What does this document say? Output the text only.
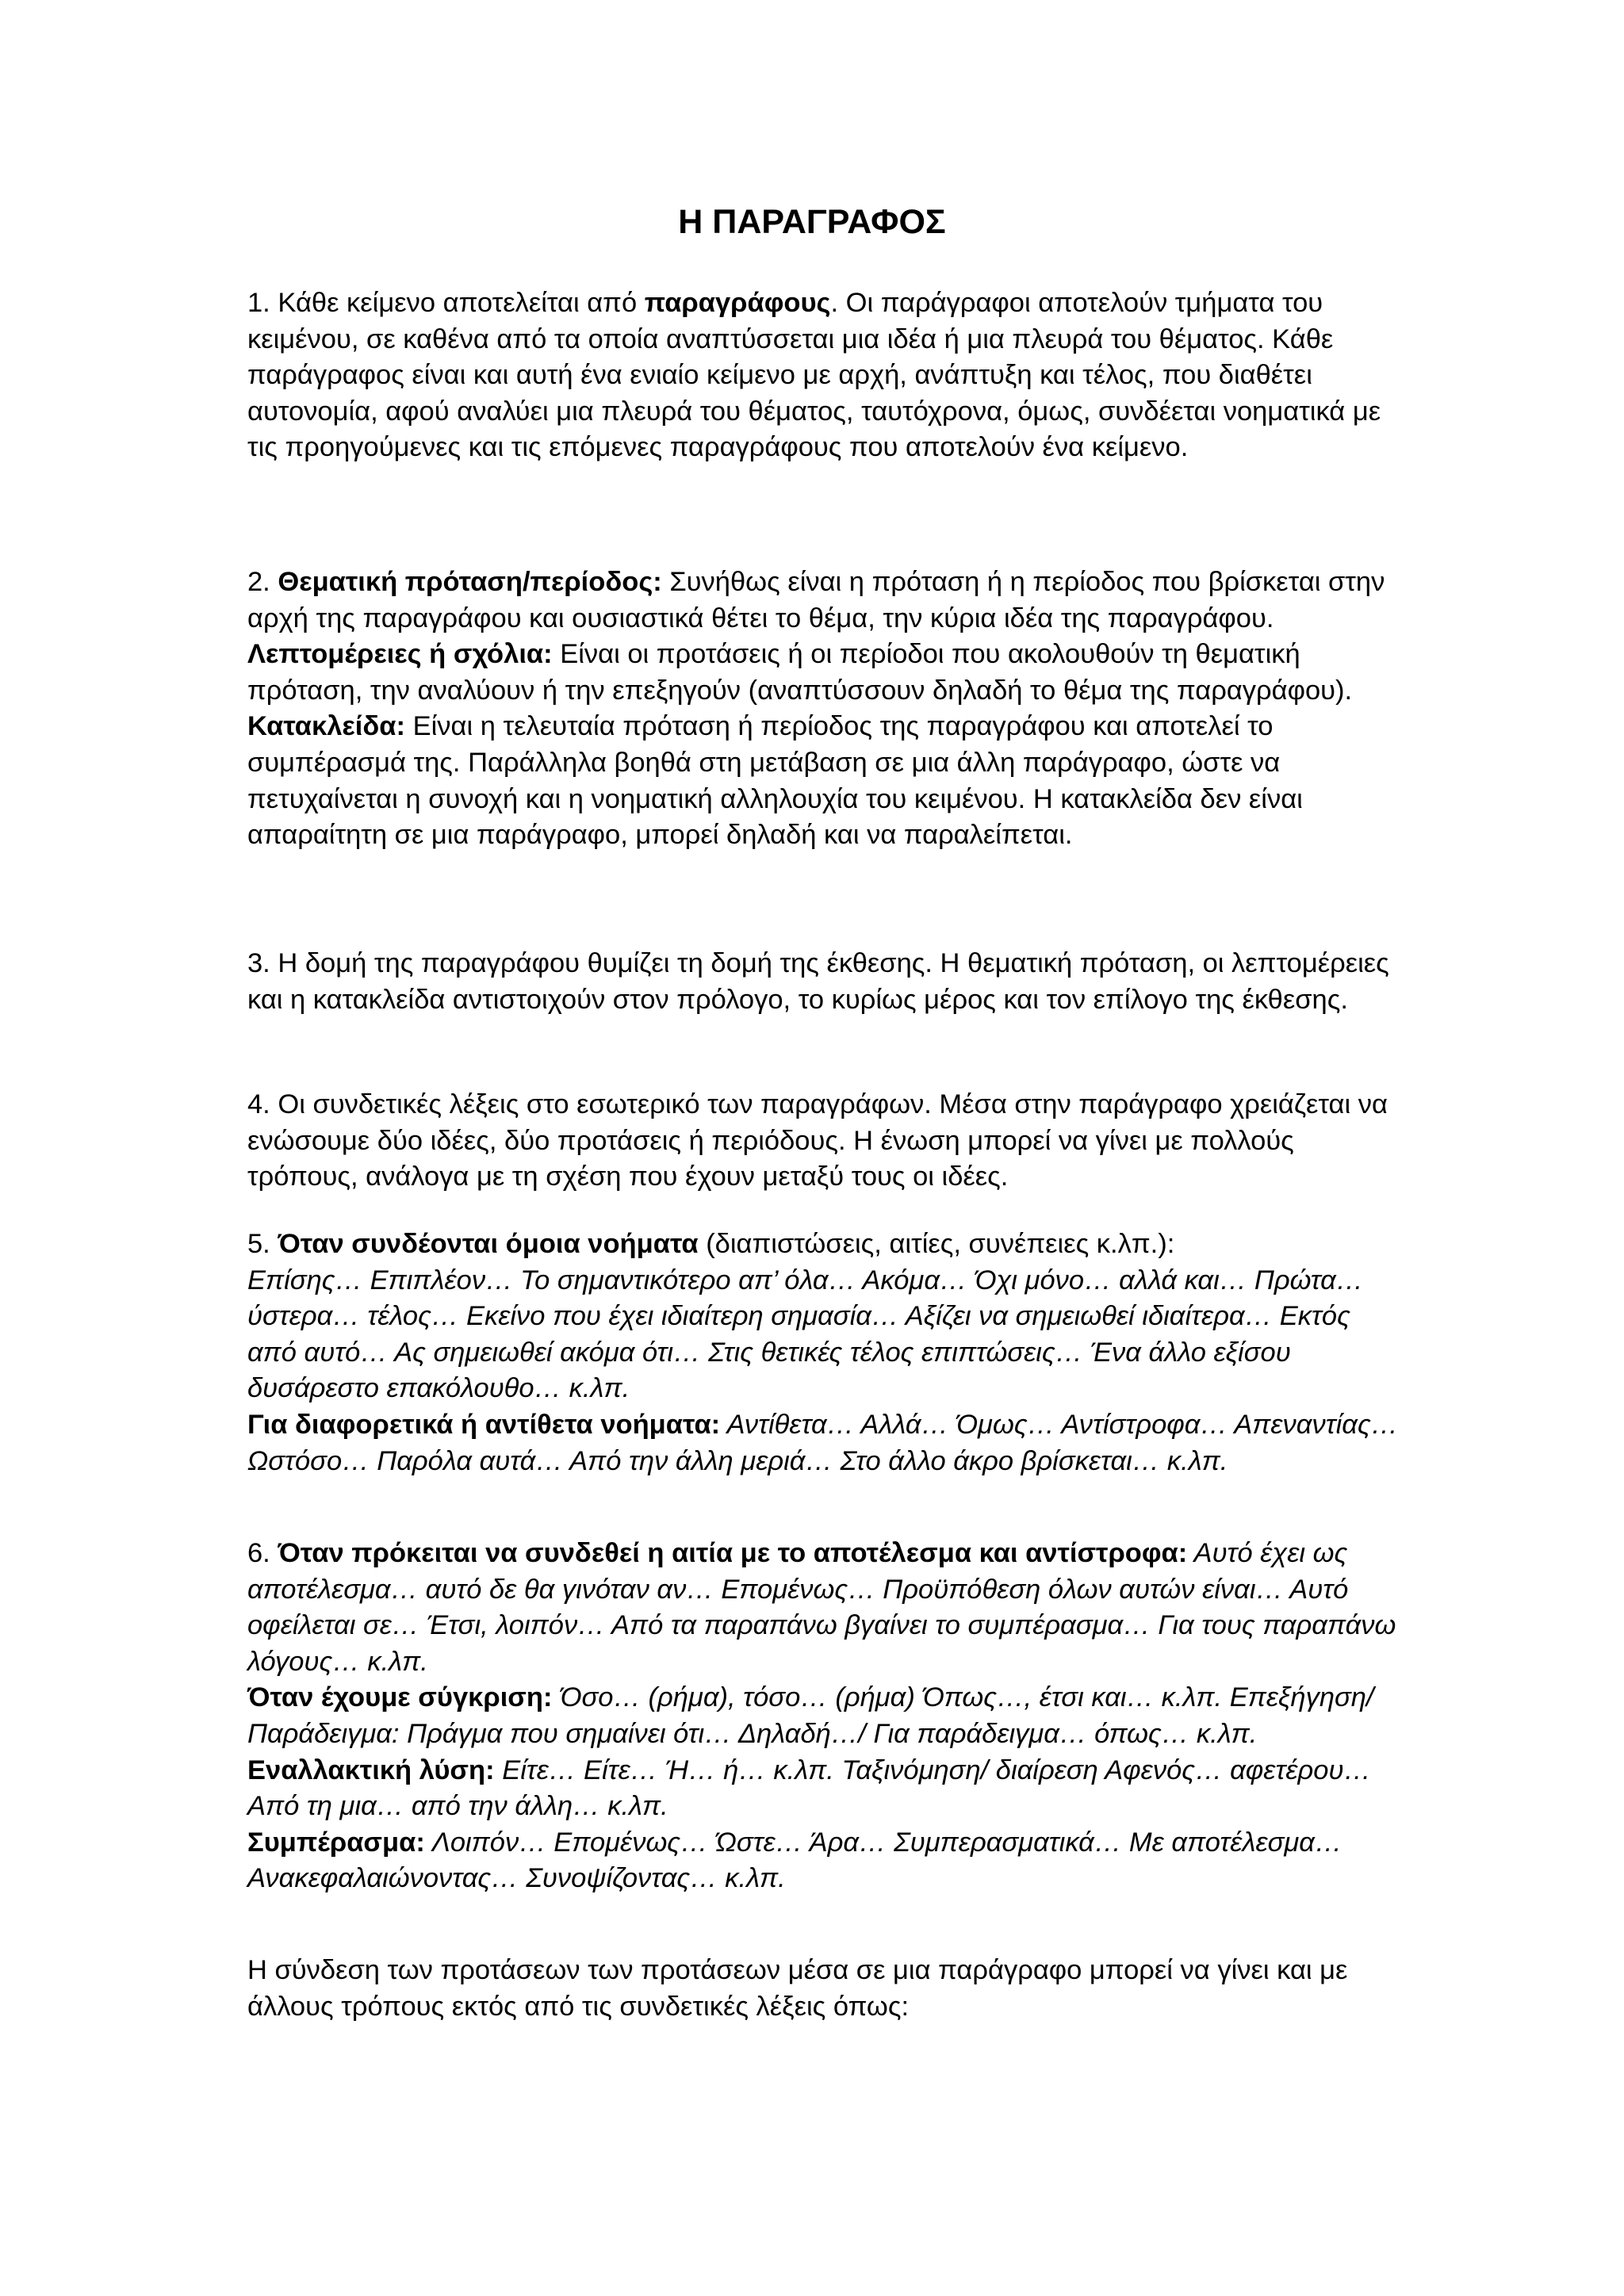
Η ΠΑΡΑΓΡΑΦΟΣ

1. Κάθε κείμενο αποτελείται από παραγράφους. Οι παράγραφοι αποτελούν τμήματα του κειμένου, σε καθένα από τα οποία αναπτύσσεται μια ιδέα ή μια πλευρά του θέματος. Κάθε παράγραφος είναι και αυτή ένα ενιαίο κείμενο με αρχή, ανάπτυξη και τέλος, που διαθέτει αυτονομία, αφού αναλύει μια πλευρά του θέματος, ταυτόχρονα, όμως, συνδέεται νοηματικά με τις προηγούμενες και τις επόμενες παραγράφους που αποτελούν ένα κείμενο.

2. Θεματική πρόταση/περίοδος: Συνήθως είναι η πρόταση ή η περίοδος που βρίσκεται στην αρχή της παραγράφου και ουσιαστικά θέτει το θέμα, την κύρια ιδέα της παραγράφου.

Λεπτομέρειες ή σχόλια: Είναι οι προτάσεις ή οι περίοδοι που ακολουθούν τη θεματική πρόταση, την αναλύουν ή την επεξηγούν (αναπτύσσουν δηλαδή το θέμα της παραγράφου).

Κατακλείδα: Είναι η τελευταία πρόταση ή περίοδος της παραγράφου και αποτελεί το συμπέρασμά της. Παράλληλα βοηθά στη μετάβαση σε μια άλλη παράγραφο, ώστε να πετυχαίνεται η συνοχή και η νοηματική αλληλουχία του κειμένου. Η κατακλείδα δεν είναι απαραίτητη σε μια παράγραφο, μπορεί δηλαδή και να παραλείπεται.

3. Η δομή της παραγράφου θυμίζει τη δομή της έκθεσης. Η θεματική πρόταση, οι λεπτομέρειες και η κατακλείδα αντιστοιχούν στον πρόλογο, το κυρίως μέρος και τον επίλογο της έκθεσης.

4. Οι συνδετικές λέξεις στο εσωτερικό των παραγράφων. Μέσα στην παράγραφο χρειάζεται να ενώσουμε δύο ιδέες, δύο προτάσεις ή περιόδους. Η ένωση μπορεί να γίνει με πολλούς τρόπους, ανάλογα με τη σχέση που έχουν μεταξύ τους οι ιδέες.

5. Όταν συνδέονται όμοια νοήματα (διαπιστώσεις, αιτίες, συνέπειες κ.λπ.):

Επίσης… Επιπλέον… Το σημαντικότερο απ’ όλα… Ακόμα… Όχι μόνο… αλλά και… Πρώτα… ύστερα… τέλος… Εκείνο που έχει ιδιαίτερη σημασία… Αξίζει να σημειωθεί ιδιαίτερα… Εκτός από αυτό… Ας σημειωθεί ακόμα ότι… Στις θετικές τέλος επιπτώσεις… Ένα άλλο εξίσου δυσάρεστο επακόλουθο… κ.λπ.

Για διαφορετικά ή αντίθετα νοήματα: Αντίθετα… Αλλά… Όμως… Αντίστροφα… Απεναντίας… Ωστόσο… Παρόλα αυτά… Από την άλλη μεριά… Στο άλλο άκρο βρίσκεται… κ.λπ.

6. Όταν πρόκειται να συνδεθεί η αιτία με το αποτέλεσμα και αντίστροφα: Αυτό έχει ως αποτέλεσμα… αυτό δε θα γινόταν αν… Επομένως… Προϋπόθεση όλων αυτών είναι… Αυτό οφείλεται σε… Έτσι, λοιπόν… Από τα παραπάνω βγαίνει το συμπέρασμα… Για τους παραπάνω λόγους… κ.λπ.

Όταν έχουμε σύγκριση: Όσο… (ρήμα), τόσο… (ρήμα) Όπως…, έτσι και… κ.λπ. Επεξήγηση/Παράδειγμα: Πράγμα που σημαίνει ότι… Δηλαδή…/ Για παράδειγμα… όπως… κ.λπ.

Εναλλακτική λύση: Είτε… Είτε… Ή… ή… κ.λπ. Ταξινόμηση/ διαίρεση Αφενός… αφετέρου… Από τη μια… από την άλλη… κ.λπ.

Συμπέρασμα: Λοιπόν… Επομένως… Ώστε… Άρα… Συμπερασματικά… Με αποτέλεσμα… Ανακεφαλαιώνοντας… Συνοψίζοντας… κ.λπ.

Η σύνδεση των προτάσεων των προτάσεων μέσα σε μια παράγραφο μπορεί να γίνει και με άλλους τρόπους εκτός από τις συνδετικές λέξεις όπως:
